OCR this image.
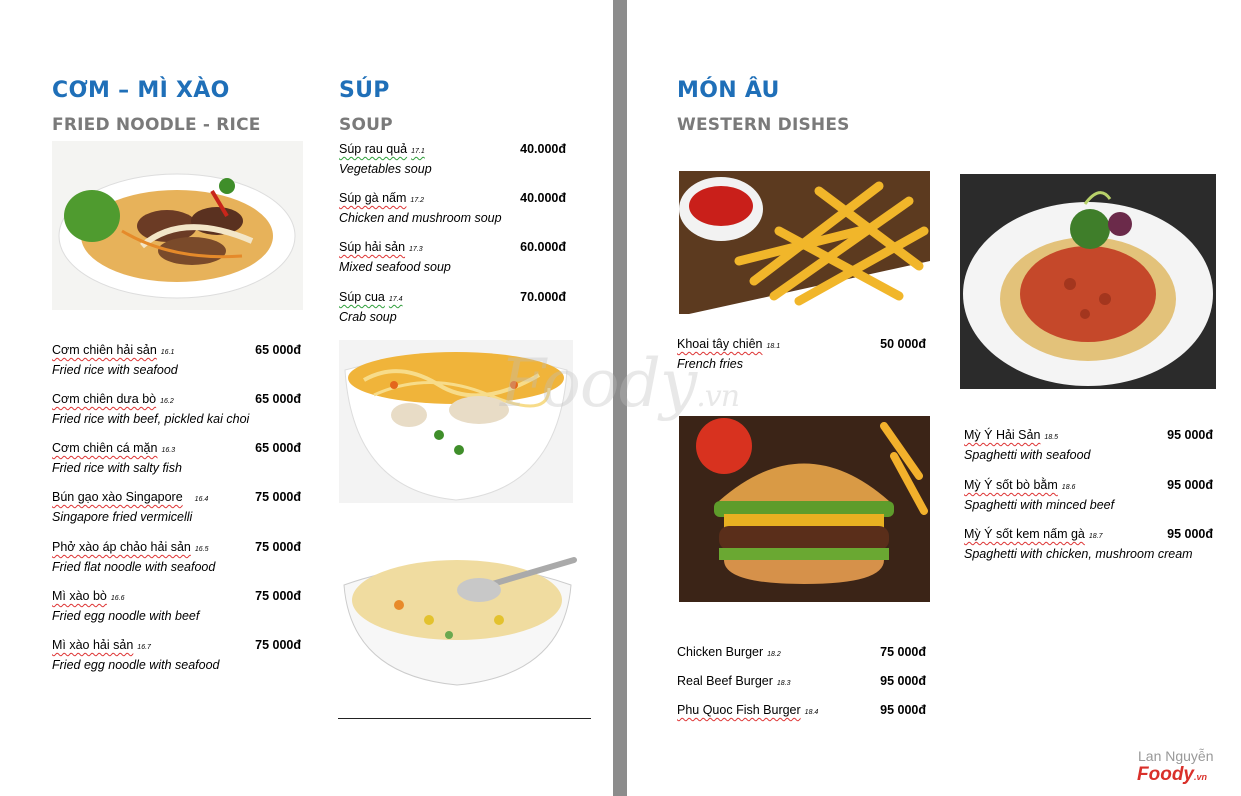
CƠM – MÌ XÀO
FRIED NOODLE - RICE
Cơm chiên hải sản 16.1	65 000đ
Fried rice with seafood
Cơm chiên dưa bò 16.2	65 000đ
Fried rice with beef, pickled kai choi
Cơm chiên cá mặn 16.3	65 000đ
Fried rice with salty fish
Bún gạo xào Singapore 16.4	75 000đ
Singapore fried vermicelli
Phở xào áp chảo hải sản 16.5	75 000đ
Fried flat noodle with seafood
Mì xào bò 16.6	75 000đ
Fried egg noodle with beef
Mì xào hải sản 16.7	75 000đ
Fried egg noodle with seafood
SÚP
SOUP
Súp rau quả 17.1	40.000đ
Vegetables soup
Súp gà nấm 17.2	40.000đ
Chicken and mushroom soup
Súp hải sản 17.3	60.000đ
Mixed seafood soup
Súp cua 17.4	70.000đ
Crab soup
MÓN ÂU
WESTERN DISHES
Khoai tây chiên 18.1	50 000đ
French fries
Chicken Burger 18.2	75 000đ
Real Beef Burger 18.3	95 000đ
Phu Quoc Fish Burger 18.4	95 000đ
Mỳ Ý Hải Sản 18.5	95 000đ
Spaghetti with seafood
Mỳ Ý sốt bò bằm 18.6	95 000đ
Spaghetti with minced beef
Mỳ Ý sốt kem nấm gà 18.7	95 000đ
Spaghetti with chicken, mushroom cream
Foody.vn
Lan Nguyễn
Foody.vn
